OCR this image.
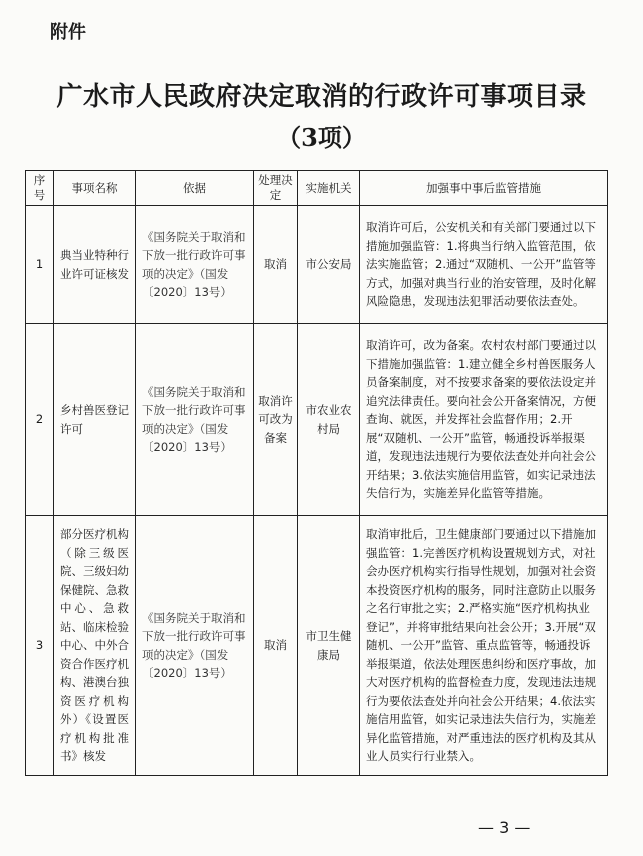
附件
广水市人民政府决定取消的行政许可事项目录
（3项）
序号	事项名称	依据	处理决定	实施机关	加强事中事后监管措施
1	典当业特种行业许可证核发	《国务院关于取消和下放一批行政许可事项的决定》（国发〔2020〕13号）	取消	市公安局	取消许可后，公安机关和有关部门要通过以下措施加强监管：1.将典当行纳入监管范围，依法实施监管；2.通过“双随机、一公开”监管等方式，加强对典当行业的治安管理，及时化解风险隐患，发现违法犯罪活动要依法查处。
2	乡村兽医登记许可	《国务院关于取消和下放一批行政许可事项的决定》（国发〔2020〕13号）	取消许可改为备案	市农业农村局	取消许可，改为备案。农村农村部门要通过以下措施加强监管：1.建立健全乡村兽医服务人员备案制度，对不按要求备案的要依法设定并追究法律责任。要向社会公开备案情况，方便查询、就医，并发挥社会监督作用；2.开展“双随机、一公开”监管，畅通投诉举报渠道，发现违法违规行为要依法查处并向社会公开结果；3.依法实施信用监管，如实记录违法失信行为，实施差异化监管等措施。
3	部分医疗机构（除三级医院、三级妇幼保健院、急救中心、急救站、临床检验中心、中外合资合作医疗机构、港澳台独资医疗机构外）《设置医疗机构批准书》核发	《国务院关于取消和下放一批行政许可事项的决定》（国发〔2020〕13号）	取消	市卫生健康局	取消审批后，卫生健康部门要通过以下措施加强监管：1.完善医疗机构设置规划方式，对社会办医疗机构实行指导性规划，加强对社会资本投资医疗机构的服务，同时注意防止以服务之名行审批之实；2.严格实施“医疗机构执业登记”，并将审批结果向社会公开；3.开展“双随机、一公开”监管、重点监管等，畅通投诉举报渠道，依法处理医患纠纷和医疗事故，加大对医疗机构的监督检查力度，发现违法违规行为要依法查处并向社会公开结果；4.依法实施信用监管，如实记录违法失信行为，实施差异化监管措施，对严重违法的医疗机构及其从业人员实行行业禁入。
— 3 —
